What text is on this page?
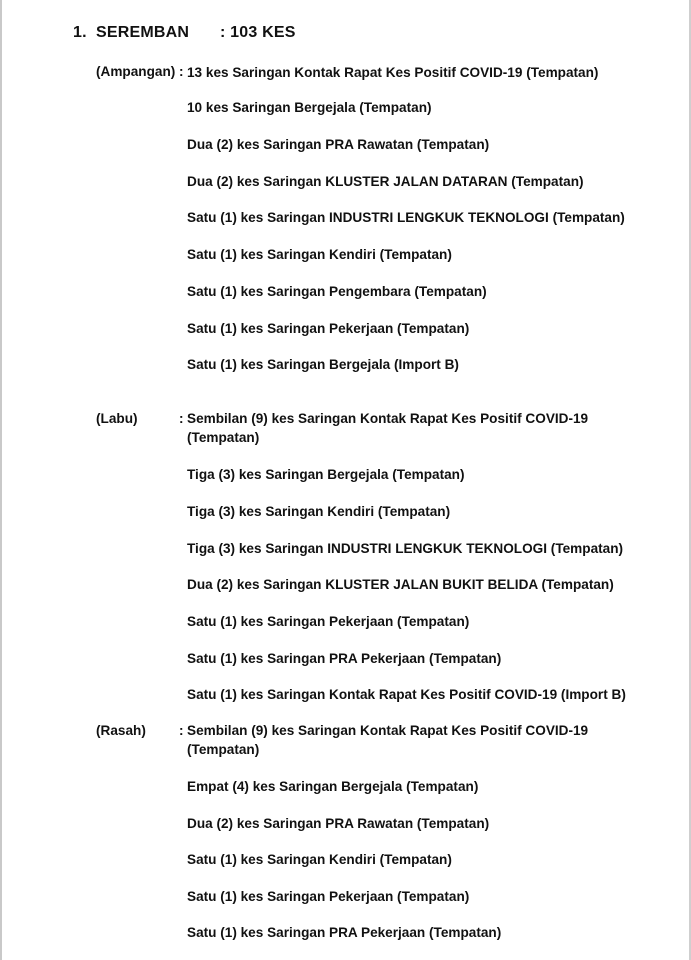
1. SEREMBAN : 103 KES
(Ampangan) : 13 kes Saringan Kontak Rapat Kes Positif COVID-19 (Tempatan)
10 kes Saringan Bergejala (Tempatan)
Dua (2) kes Saringan PRA Rawatan (Tempatan)
Dua (2) kes Saringan KLUSTER JALAN DATARAN (Tempatan)
Satu (1) kes Saringan INDUSTRI LENGKUK TEKNOLOGI (Tempatan)
Satu (1) kes Saringan Kendiri (Tempatan)
Satu (1) kes Saringan Pengembara (Tempatan)
Satu (1) kes Saringan Pekerjaan (Tempatan)
Satu (1) kes Saringan Bergejala (Import B)
(Labu)	: Sembilan (9) kes Saringan Kontak Rapat Kes Positif COVID-19 (Tempatan)
Tiga (3) kes Saringan Bergejala (Tempatan)
Tiga (3) kes Saringan Kendiri (Tempatan)
Tiga (3) kes Saringan INDUSTRI LENGKUK TEKNOLOGI (Tempatan)
Dua (2) kes Saringan KLUSTER JALAN BUKIT BELIDA (Tempatan)
Satu (1) kes Saringan Pekerjaan (Tempatan)
Satu (1) kes Saringan PRA Pekerjaan (Tempatan)
Satu (1) kes Saringan Kontak Rapat Kes Positif COVID-19 (Import B)
(Rasah) : Sembilan (9) kes Saringan Kontak Rapat Kes Positif COVID-19 (Tempatan)
Empat (4) kes Saringan Bergejala (Tempatan)
Dua (2) kes Saringan PRA Rawatan (Tempatan)
Satu (1) kes Saringan Kendiri (Tempatan)
Satu (1) kes Saringan Pekerjaan (Tempatan)
Satu (1) kes Saringan PRA Pekerjaan (Tempatan)
